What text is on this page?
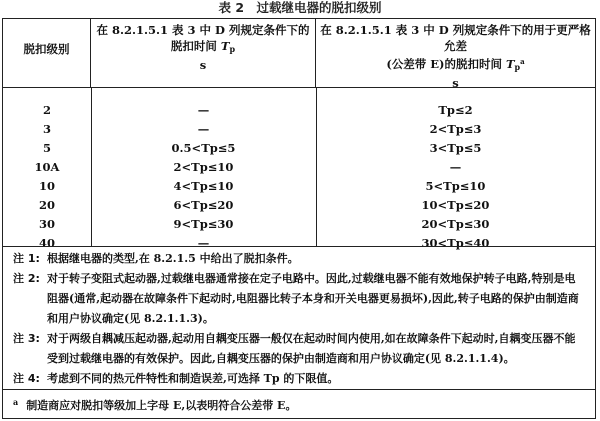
表 2　过载继电器的脱扣级别
脱扣级别
在 8.2.1.5.1 表 3 中 D 列规定条件下的
脱扣时间 $T_p$
s
在 8.2.1.5.1 表 3 中 D 列规定条件下的用于更严格允差
(公差带 E)的脱扣时间 $T_p^a$
s
2	—	Tp≤2
3	—	2<Tp≤3
5	0.5<Tp≤5	3<Tp≤5
10A	2<Tp≤10	—
10	4<Tp≤10	5<Tp≤10
20	6<Tp≤20	10<Tp≤20
30	9<Tp≤30	20<Tp≤30
40	—	30<Tp≤40
注 1: 根据继电器的类型,在 8.2.1.5 中给出了脱扣条件。
注 2: 对于转子变阻式起动器,过载继电器通常接在定子电路中。因此,过载继电器不能有效地保护转子电路,特别是电阻器(通常,起动器在故障条件下起动时,电阻器比转子本身和开关电器更易损坏),因此,转子电路的保护由制造商和用户协议确定(见 8.2.1.1.3)。
注 3: 对于两级自耦减压起动器,起动用自耦变压器一般仅在起动时间内使用,如在故障条件下起动时,自耦变压器不能受到过载继电器的有效保护。因此,自耦变压器的保护由制造商和用户协议确定(见 8.2.1.1.4)。
注 4: 考虑到不同的热元件特性和制造误差,可选择 Tp 的下限值。
$^a$ 制造商应对脱扣等级加上字母 E,以表明符合公差带 E。
